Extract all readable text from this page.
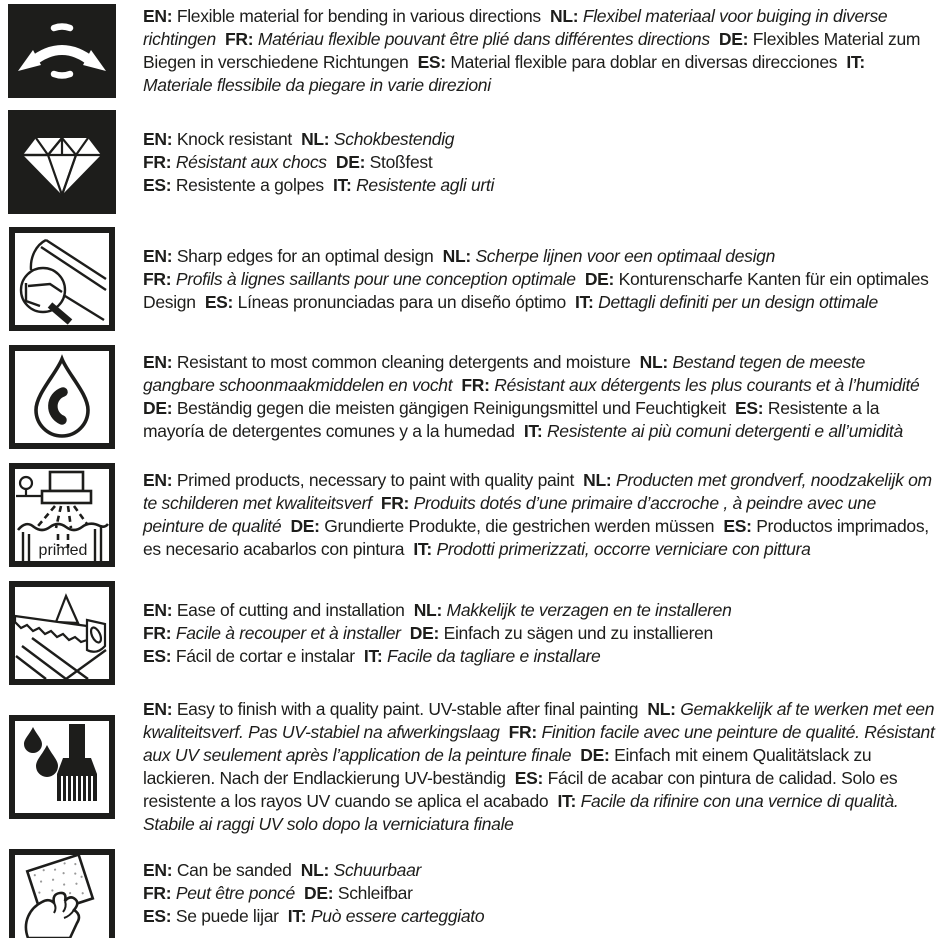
EN: Flexible material for bending in various directions NL: Flexibel materiaal voor buiging in diverse richtingen FR: Matériau flexible pouvant être plié dans différentes directions DE: Flexibles Material zum Biegen in verschiedene Richtungen ES: Material flexible para doblar en diversas direcciones IT: Materiale flessibile da piegare in varie direzioni

EN: Knock resistant NL: Schokbestendig
FR: Résistant aux chocs DE: Stoßfest
ES: Resistente a golpes IT: Resistente agli urti

EN: Sharp edges for an optimal design NL: Scherpe lijnen voor een optimaal design
FR: Profils à lignes saillants pour une conception optimale DE: Konturenscharfe Kanten für ein optimales Design ES: Líneas pronunciadas para un diseño óptimo IT: Dettagli definiti per un design ottimale

EN: Resistant to most common cleaning detergents and moisture NL: Bestand tegen de meeste gangbare schoonmaakmiddelen en vocht FR: Résistant aux détergents les plus courants et à l’humidité  DE: Beständig gegen die meisten gängigen Reinigungsmittel und Feuchtigkeit ES: Resistente a la mayoría de detergentes comunes y a la humedad IT: Resistente ai più comuni detergenti e all’umidità

primed

EN: Primed products, necessary to paint with quality paint NL: Producten met grondverf, noodzakelijk om te schilderen met kwaliteitsverf FR: Produits dotés d’une primaire d’accroche , à peindre avec une peinture de qualité DE: Grundierte Produkte, die gestrichen werden müssen ES: Productos imprimados, es necesario acabarlos con pintura IT: Prodotti primerizzati, occorre verniciare con pittura

EN: Ease of cutting and installation NL: Makkelijk te verzagen en te installeren
FR: Facile à recouper et à installer DE: Einfach zu sägen und zu installieren
ES: Fácil de cortar e instalar IT: Facile da tagliare e installare

EN: Easy to finish with a quality paint. UV-stable after final painting NL: Gemakkelijk af te werken met een kwaliteitsverf. Pas UV-stabiel na afwerkingslaag FR: Finition facile avec une peinture de qualité. Résistant aux UV seulement après l’application de la peinture finale DE: Einfach mit einem Qualitätslack zu lackieren. Nach der Endlackierung UV-beständig ES: Fácil de acabar con pintura de calidad. Solo es resistente a los rayos UV cuando se aplica el acabado IT: Facile da rifinire con una vernice di qualità. Stabile ai raggi UV solo dopo la verniciatura finale

EN: Can be sanded NL: Schuurbaar
FR: Peut être poncé DE: Schleifbar
ES: Se puede lijar IT: Può essere carteggiato
